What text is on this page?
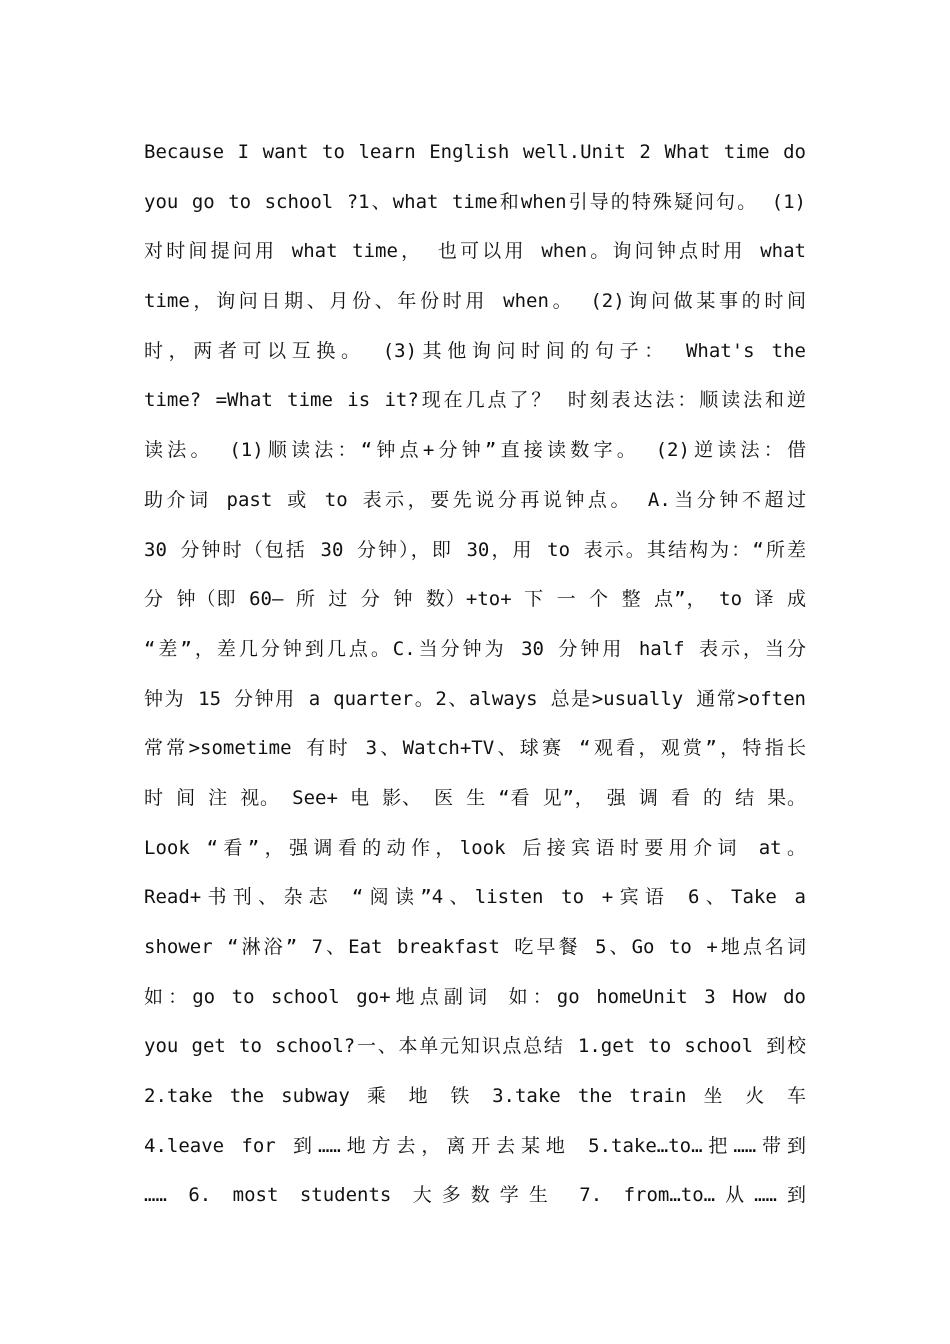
Because I want to learn English well.Unit 2 What time do
you go to school ?1、what time和when引导的特殊疑问句。 (1)
对时间提问用 what time， 也可以用 when。询问钟点时用 what
time，询问日期、月份、年份时用 when。 (2)询问做某事的时间
时，两者可以互换。 (3)其他询问时间的句子： What's the
time? =What time is it?现在几点了？ 时刻表达法：顺读法和逆
读法。 (1)顺读法：“钟点+分钟”直接读数字。 (2)逆读法：借
助介词 past 或 to 表示，要先说分再说钟点。 A.当分钟不超过
30 分钟时（包括 30 分钟），即 30，用 to 表示。其结构为：“所差
分 钟（即 60— 所 过 分 钟 数）+to+ 下 一 个 整 点”， to 译 成
“差”，差几分钟到几点。C.当分钟为 30 分钟用 half 表示，当分
钟为 15 分钟用 a quarter。2、always 总是>usually 通常>often
常常>sometime 有时 3、Watch+TV、球赛 “观看，观赏”，特指长
时 间 注 视。 See+ 电 影、 医 生 “看 见”， 强 调 看 的 结 果。
Look “看”，强调看的动作，look 后接宾语时要用介词 at。
Read+书刊、杂志 “阅读”4、listen to +宾语 6、Take a
shower “淋浴” 7、Eat breakfast 吃早餐 5、Go to +地点名词
如：go to school go+地点副词 如：go homeUnit 3 How do
you get to school?一、本单元知识点总结 1.get to school 到校
2.take the subway 乘 地 铁 3.take the train 坐 火 车
4.leave for 到……地方去，离开去某地 5.take…to…把……带到
…… 6. most students 大多数学生 7. from…to…从……到
